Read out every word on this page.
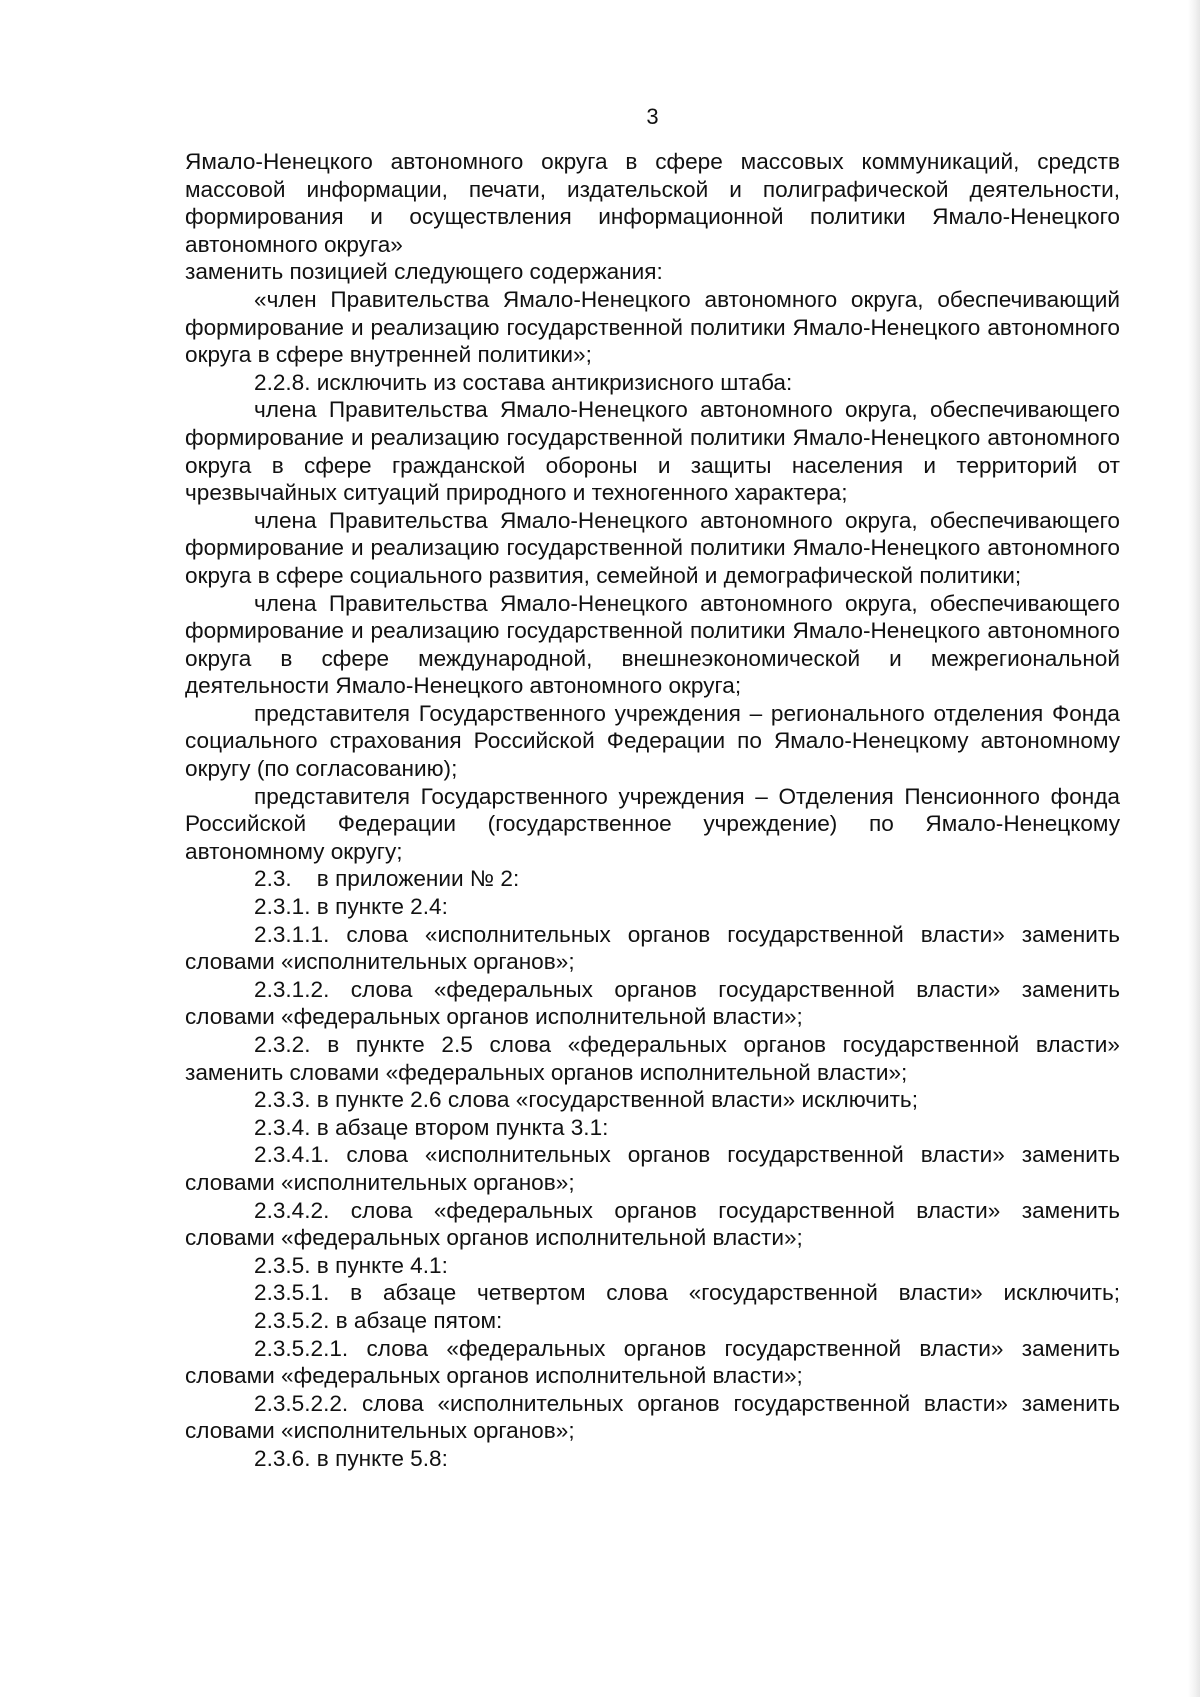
3

Ямало-Ненецкого автономного округа в сфере массовых коммуникаций, средств массовой информации, печати, издательской и полиграфической деятельности, формирования и осуществления информационной политики Ямало-Ненецкого автономного округа»

заменить позицией следующего содержания:

«член Правительства Ямало-Ненецкого автономного округа, обеспечивающий формирование и реализацию государственной политики Ямало-Ненецкого автономного округа в сфере внутренней политики»;

2.2.8. исключить из состава антикризисного штаба:

члена Правительства Ямало-Ненецкого автономного округа, обеспечивающего формирование и реализацию государственной политики Ямало-Ненецкого автономного округа в сфере гражданской обороны и защиты населения и территорий от чрезвычайных ситуаций природного и техногенного характера;

члена Правительства Ямало-Ненецкого автономного округа, обеспечивающего формирование и реализацию государственной политики Ямало-Ненецкого автономного округа в сфере социального развития, семейной и демографической политики;

члена Правительства Ямало-Ненецкого автономного округа, обеспечивающего формирование и реализацию государственной политики Ямало-Ненецкого автономного округа в сфере международной, внешнеэкономической и межрегиональной деятельности Ямало-Ненецкого автономного округа;

представителя Государственного учреждения – регионального отделения Фонда социального страхования Российской Федерации по Ямало-Ненецкому автономному округу (по согласованию);

представителя Государственного учреждения – Отделения Пенсионного фонда Российской Федерации (государственное учреждение) по Ямало-Ненецкому автономному округу;

2.3.    в приложении № 2:

2.3.1. в пункте 2.4:

2.3.1.1. слова «исполнительных органов государственной власти» заменить словами «исполнительных органов»;

2.3.1.2. слова «федеральных органов государственной власти» заменить словами «федеральных органов исполнительной власти»;

2.3.2. в пункте 2.5 слова «федеральных органов государственной власти» заменить словами «федеральных органов исполнительной власти»;

2.3.3. в пункте 2.6 слова «государственной власти» исключить;

2.3.4. в абзаце втором пункта 3.1:

2.3.4.1. слова «исполнительных органов государственной власти» заменить словами «исполнительных органов»;

2.3.4.2. слова «федеральных органов государственной власти» заменить словами «федеральных органов исполнительной власти»;

2.3.5. в пункте 4.1:

2.3.5.1. в абзаце четвертом слова «государственной власти» исключить;

2.3.5.2. в абзаце пятом:

2.3.5.2.1. слова «федеральных органов государственной власти» заменить словами «федеральных органов исполнительной власти»;

2.3.5.2.2. слова «исполнительных органов государственной власти» заменить словами «исполнительных органов»;

2.3.6. в пункте 5.8:
